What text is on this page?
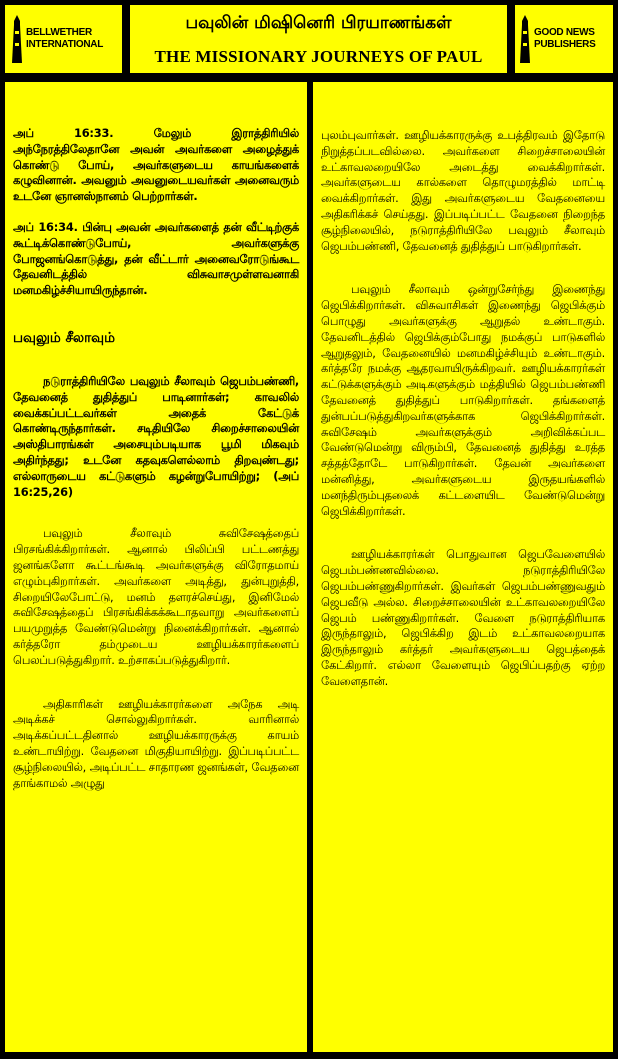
BELLWETHER
INTERNATIONAL
பவுலின் மிஷினெரி பிரயாணங்கள்
THE MISSIONARY JOURNEYS OF PAUL
GOOD NEWS
PUBLISHERS

அப் 16:33. மேலும் இராத்திரியில் அந்நேரத்திலேதானே அவன் அவர்களை அழைத்துக் கொண்டு போய், அவர்களுடைய காயங்களைக் கழுவினான். அவனும் அவனுடையவர்கள் அனைவரும் உடனே ஞானஸ்நானம் பெற்றார்கள்.

அப் 16:34. பின்பு அவன் அவர்களைத் தன் வீட்டிற்குக் கூட்டிக்கொண்டுபோய், அவர்களுக்கு போஜனங்கொடுத்து, தன் வீட்டார் அனைவரோடுங்கூட தேவனிடத்தில் விசுவாசமுள்ளவனாகி மனமகிழ்ச்சியாயிருந்தான்.

பவுலும் சீலாவும்

நடுராத்திரியிலே பவுலும் சீலாவும் ஜெபம்பண்ணி, தேவனைத் துதித்துப் பாடினார்கள்; காவலில் வைக்கப்பட்டவர்கள் அதைக் கேட்டுக் கொண்டிருந்தார்கள். சடிதியிலே சிறைச்சாலையின் அஸ்திபாரங்கள் அசையும்படியாக பூமி மிகவும் அதிர்ந்தது; உடனே கதவுகளெல்லாம் திறவுண்டது; எல்லாருடைய கட்டுகளும் கழன்றுபோயிற்று; (அப் 16:25,26)

பவுலும் சீலாவும் சுவிசேஷத்தைப் பிரசங்கிக்கிறார்கள். ஆனால் பிலிப்பி பட்டணத்து ஜனங்களோ கூட்டங்கூடி அவர்களுக்கு விரோதமாய் எழும்புகிறார்கள். அவர்களை அடித்து, துன்புறுத்தி, சிறையிலேபோட்டு, மனம் தளரச்செய்து, இனிமேல் சுவிசேஷத்தைப் பிரசங்கிக்கக்கூடாதவாறு அவர்களைப் பயமுறுத்த வேண்டுமென்று நினைக்கிறார்கள். ஆனால் கர்த்தரோ தம்முடைய ஊழியக்காரர்களைப் பெலப்படுத்துகிறார். உற்சாகப்படுத்துகிறார்.

அதிகாரிகள் ஊழியக்காரர்களை அநேக அடி அடிக்கச் சொல்லுகிறார்கள். வாரினால் அடிக்கப்பட்டதினால் ஊழியக்காரருக்கு காயம் உண்டாயிற்று. வேதனை மிகுதியாயிற்று. இப்படிப்பட்ட சூழ்நிலையில், அடிப்பட்ட சாதாரண ஜனங்கள், வேதனை தாங்காமல் அழுது

புலம்புவார்கள். ஊழியக்காரருக்கு உபத்திரவம் இதோடு நிறுத்தப்படவில்லை. அவர்களை சிறைச்சாலையின் உட்காவலறையிலே அடைத்து வைக்கிறார்கள். அவர்களுடைய கால்களை தொழுமரத்தில் மாட்டி வைக்கிறார்கள். இது அவர்களுடைய வேதனையை அதிகரிக்கச் செய்தது. இப்படிப்பட்ட வேதனை நிறைந்த சூழ்நிலையில், நடுராத்திரியிலே பவுலும் சீலாவும் ஜெபம்பண்ணி, தேவனைத் துதித்துப் பாடுகிறார்கள்.

பவுலும் சீலாவும் ஒன்றுசேர்ந்து இணைந்து ஜெபிக்கிறார்கள். விசுவாசிகள் இணைந்து ஜெபிக்கும் பொழுது அவர்களுக்கு ஆறுதல் உண்டாகும். தேவனிடத்தில் ஜெபிக்கும்போது நமக்குப் பாடுகளில் ஆறுதலும், வேதனையில் மனமகிழ்ச்சியும் உண்டாகும். கர்த்தரே நமக்கு ஆதரவாயிருக்கிறவர். ஊழியக்காரர்கள் கட்டுக்களுக்கும் அடிகளுக்கும் மத்தியில் ஜெபம்பண்ணி தேவனைத் துதித்துப் பாடுகிறார்கள். தங்களைத் துன்பப்படுத்துகிறவர்களுக்காக ஜெபிக்கிறார்கள். சுவிசேஷம் அவர்களுக்கும் அறிவிக்கப்பட வேண்டுமென்று விரும்பி, தேவனைத் துதித்து உரத்த சத்தத்தோடே பாடுகிறார்கள். தேவன் அவர்களை மன்னித்து, அவர்களுடைய இருதயங்களில் மனந்திரும்புதலைக் கட்டளையிட வேண்டுமென்று ஜெபிக்கிறார்கள்.

ஊழியக்காரர்கள் பொதுவான ஜெபவேளையில் ஜெபம்பண்ணவில்லை. நடுராத்திரியிலே ஜெபம்பண்ணுகிறார்கள். இவர்கள் ஜெபம்பண்ணுவதும் ஜெபவீடு அல்ல. சிறைச்சாலையின் உட்காவலறையிலே ஜெபம் பண்ணுகிறார்கள். வேளை நடுராத்திரியாக இருந்தாலும், ஜெபிக்கிற இடம் உட்காவலறையாக இருந்தாலும் கர்த்தர் அவர்களுடைய ஜெபத்தைக் கேட்கிறார். எல்லா வேளையும் ஜெபிப்பதற்கு ஏற்ற வேளைதான்.
